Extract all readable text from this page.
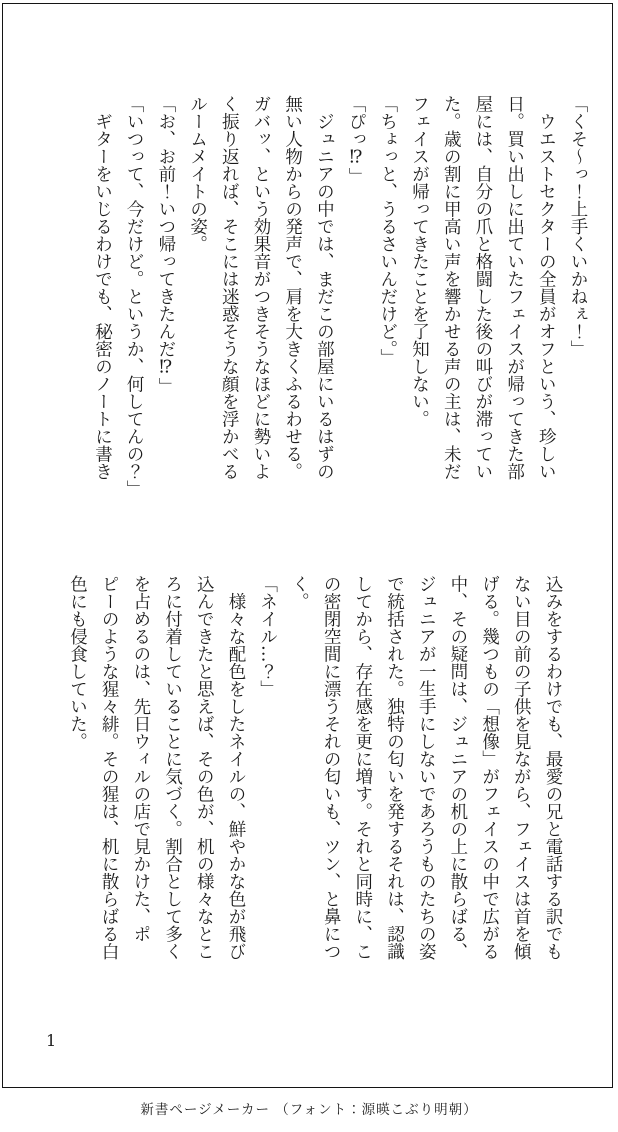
「くそ～っ！上手くいかねぇ！」
　ウエストセクターの全員がオフという、珍しい
日。買い出しに出ていたフェイスが帰ってきた部
屋には、自分の爪と格闘した後の叫びが滞ってい
た。歳の割に甲高い声を響かせる声の主は、未だ
フェイスが帰ってきたことを了知しない。
「ちょっと、うるさいんだけど。」
「ぴっ⁉」
　ジュニアの中では、まだこの部屋にいるはずの
無い人物からの発声で、肩を大きくふるわせる。
ガバッ、という効果音がつきそうなほどに勢いよ
く振り返れば、そこには迷惑そうな顔を浮かべる
ルームメイトの姿。
「お、お前！いつ帰ってきたんだ⁉」
「いつって、今だけど。というか、何してんの？」
　ギターをいじるわけでも、秘密のノートに書き
込みをするわけでも、最愛の兄と電話する訳でも
ない目の前の子供を見ながら、フェイスは首を傾
げる。幾つもの「想像」がフェイスの中で広がる
中、その疑問は、ジュニアの机の上に散らばる、
ジュニアが一生手にしないであろうものたちの姿
で統括された。独特の匂いを発するそれは、認識
してから、存在感を更に増す。それと同時に、こ
の密閉空間に漂うそれの匂いも、ツン、と鼻につ
く。
「ネイル…？」
　様々な配色をしたネイルの、鮮やかな色が飛び
込んできたと思えば、その色が、机の様々なとこ
ろに付着していることに気づく。割合として多く
を占めるのは、先日ウィルの店で見かけた、ポ
ピーのような猩々緋。その猩は、机に散らばる白
色にも侵食していた。
1
新書ページメーカー （フォント：源暎こぶり明朝）
